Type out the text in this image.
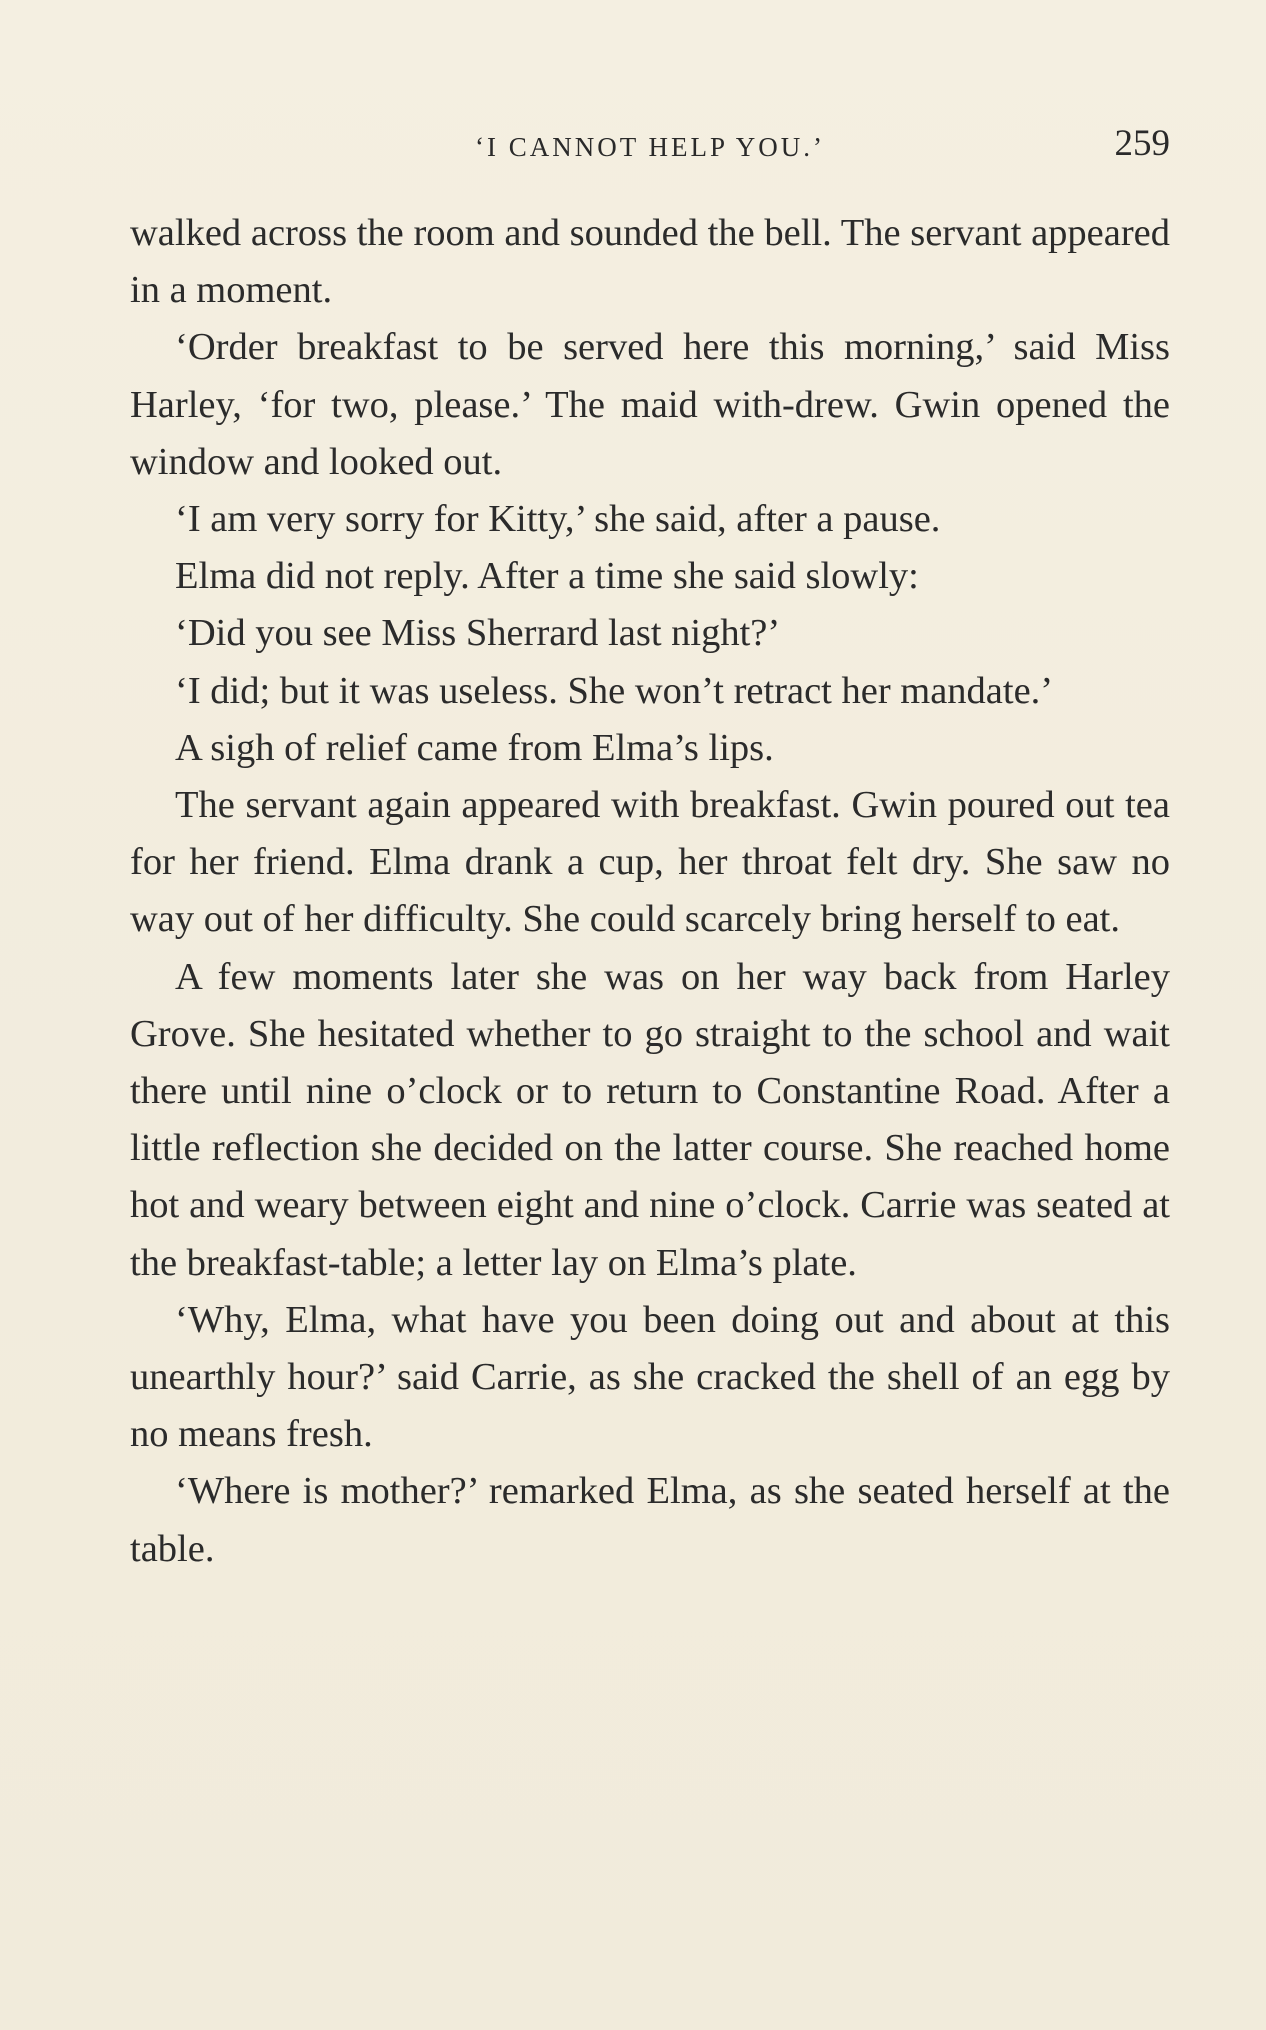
‘I CANNOT HELP YOU.’	259

walked across the room and sounded the bell. The servant appeared in a moment.

‘Order breakfast to be served here this morning,’ said Miss Harley, ‘for two, please.’ The maid with-drew. Gwin opened the window and looked out.

‘I am very sorry for Kitty,’ she said, after a pause.

Elma did not reply. After a time she said slowly:

‘Did you see Miss Sherrard last night?’

‘I did; but it was useless. She won’t retract her mandate.’

A sigh of relief came from Elma’s lips.

The servant again appeared with breakfast. Gwin poured out tea for her friend. Elma drank a cup, her throat felt dry. She saw no way out of her difficulty. She could scarcely bring herself to eat.

A few moments later she was on her way back from Harley Grove. She hesitated whether to go straight to the school and wait there until nine o’clock or to return to Constantine Road. After a little reflection she decided on the latter course. She reached home hot and weary between eight and nine o’clock. Carrie was seated at the breakfast-table; a letter lay on Elma’s plate.

‘Why, Elma, what have you been doing out and about at this unearthly hour?’ said Carrie, as she cracked the shell of an egg by no means fresh.

‘Where is mother?’ remarked Elma, as she seated herself at the table.
